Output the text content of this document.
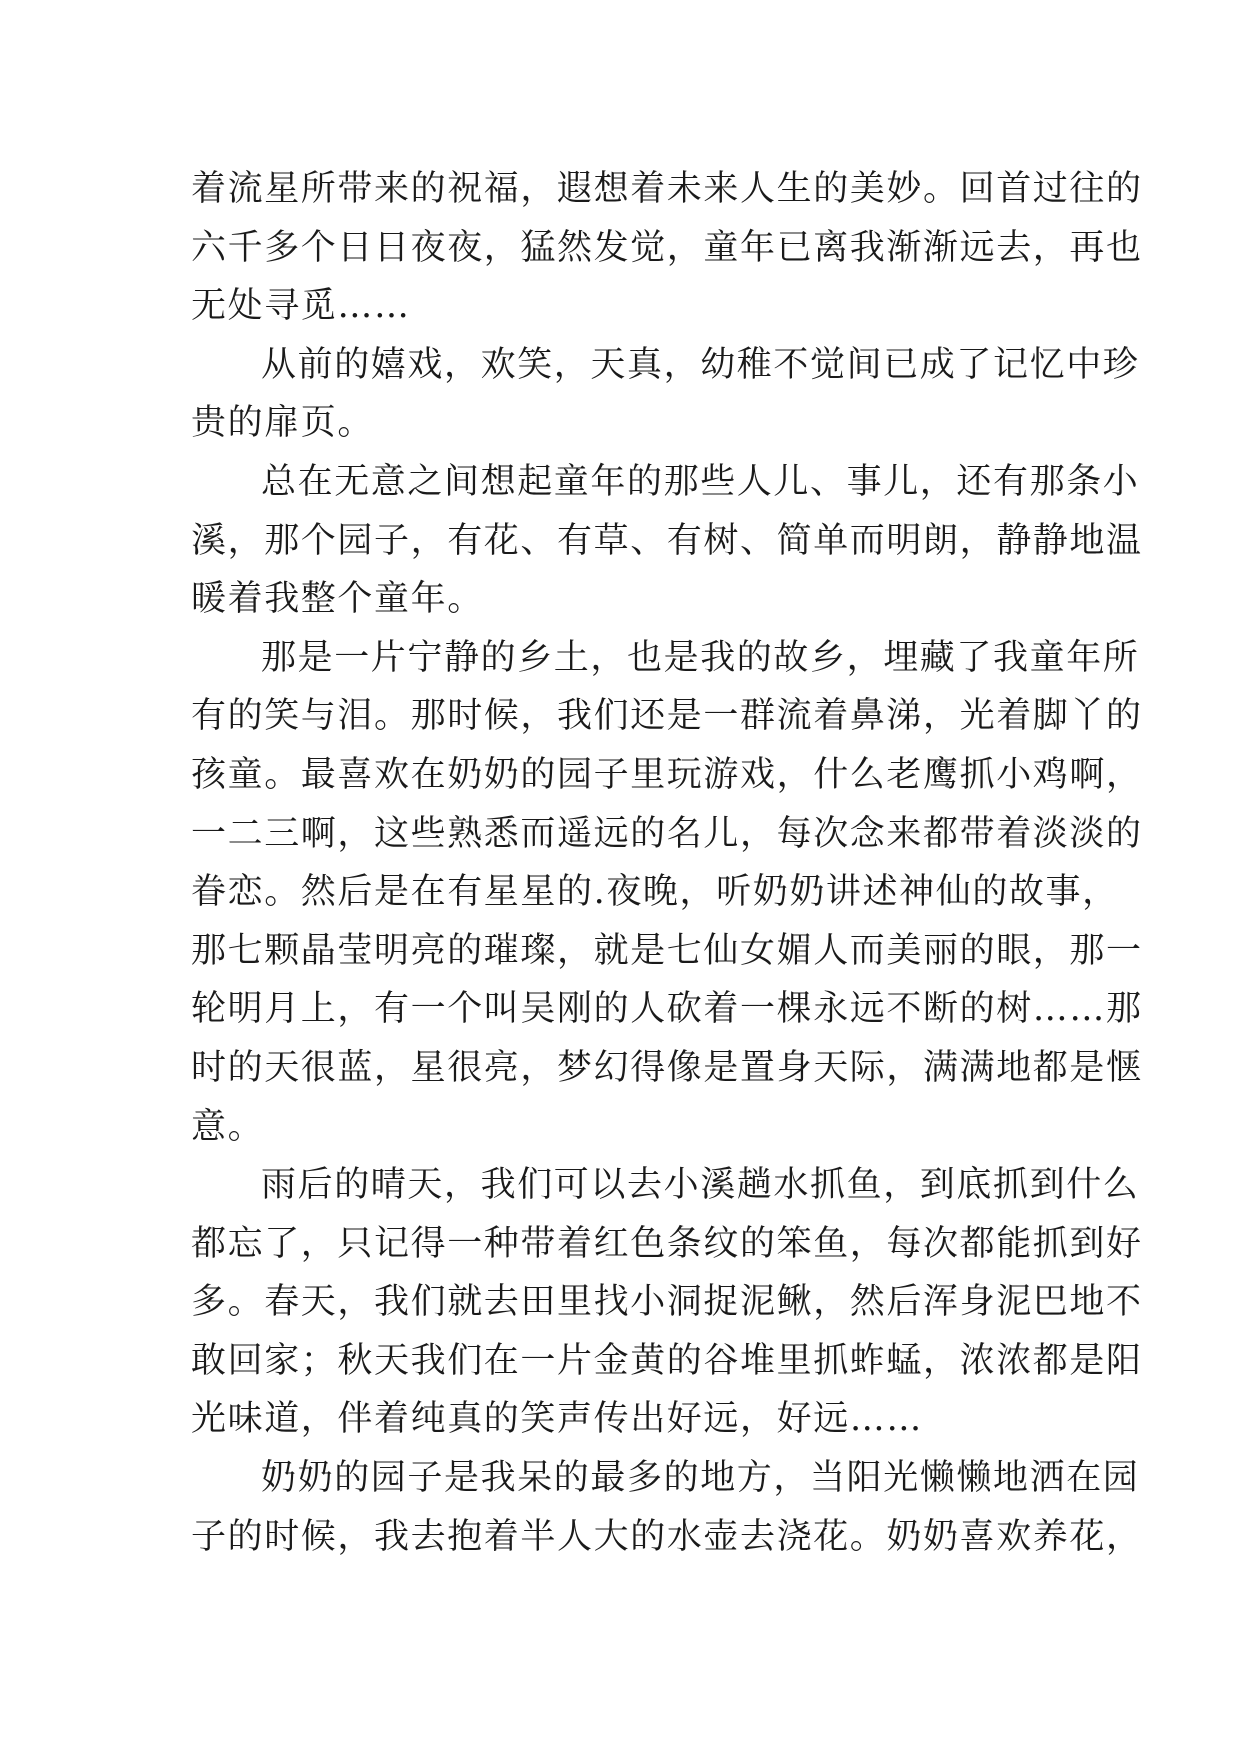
着流星所带来的祝福，遐想着未来人生的美妙。回首过往的
六千多个日日夜夜，猛然发觉，童年已离我渐渐远去，再也
无处寻觅……

从前的嬉戏，欢笑，天真，幼稚不觉间已成了记忆中珍
贵的扉页。

总在无意之间想起童年的那些人儿、事儿，还有那条小
溪，那个园子，有花、有草、有树、简单而明朗，静静地温
暖着我整个童年。

那是一片宁静的乡土，也是我的故乡，埋藏了我童年所
有的笑与泪。那时候，我们还是一群流着鼻涕，光着脚丫的
孩童。最喜欢在奶奶的园子里玩游戏，什么老鹰抓小鸡啊，
一二三啊，这些熟悉而遥远的名儿，每次念来都带着淡淡的
眷恋。然后是在有星星的.夜晚，听奶奶讲述神仙的故事，
那七颗晶莹明亮的璀璨，就是七仙女媚人而美丽的眼，那一
轮明月上，有一个叫吴刚的人砍着一棵永远不断的树……那
时的天很蓝，星很亮，梦幻得像是置身天际，满满地都是惬
意。

雨后的晴天，我们可以去小溪趟水抓鱼，到底抓到什么
都忘了，只记得一种带着红色条纹的笨鱼，每次都能抓到好
多。春天，我们就去田里找小洞捉泥鳅，然后浑身泥巴地不
敢回家；秋天我们在一片金黄的谷堆里抓蚱蜢，浓浓都是阳
光味道，伴着纯真的笑声传出好远，好远……

奶奶的园子是我呆的最多的地方，当阳光懒懒地洒在园
子的时候，我去抱着半人大的水壶去浇花。奶奶喜欢养花，
